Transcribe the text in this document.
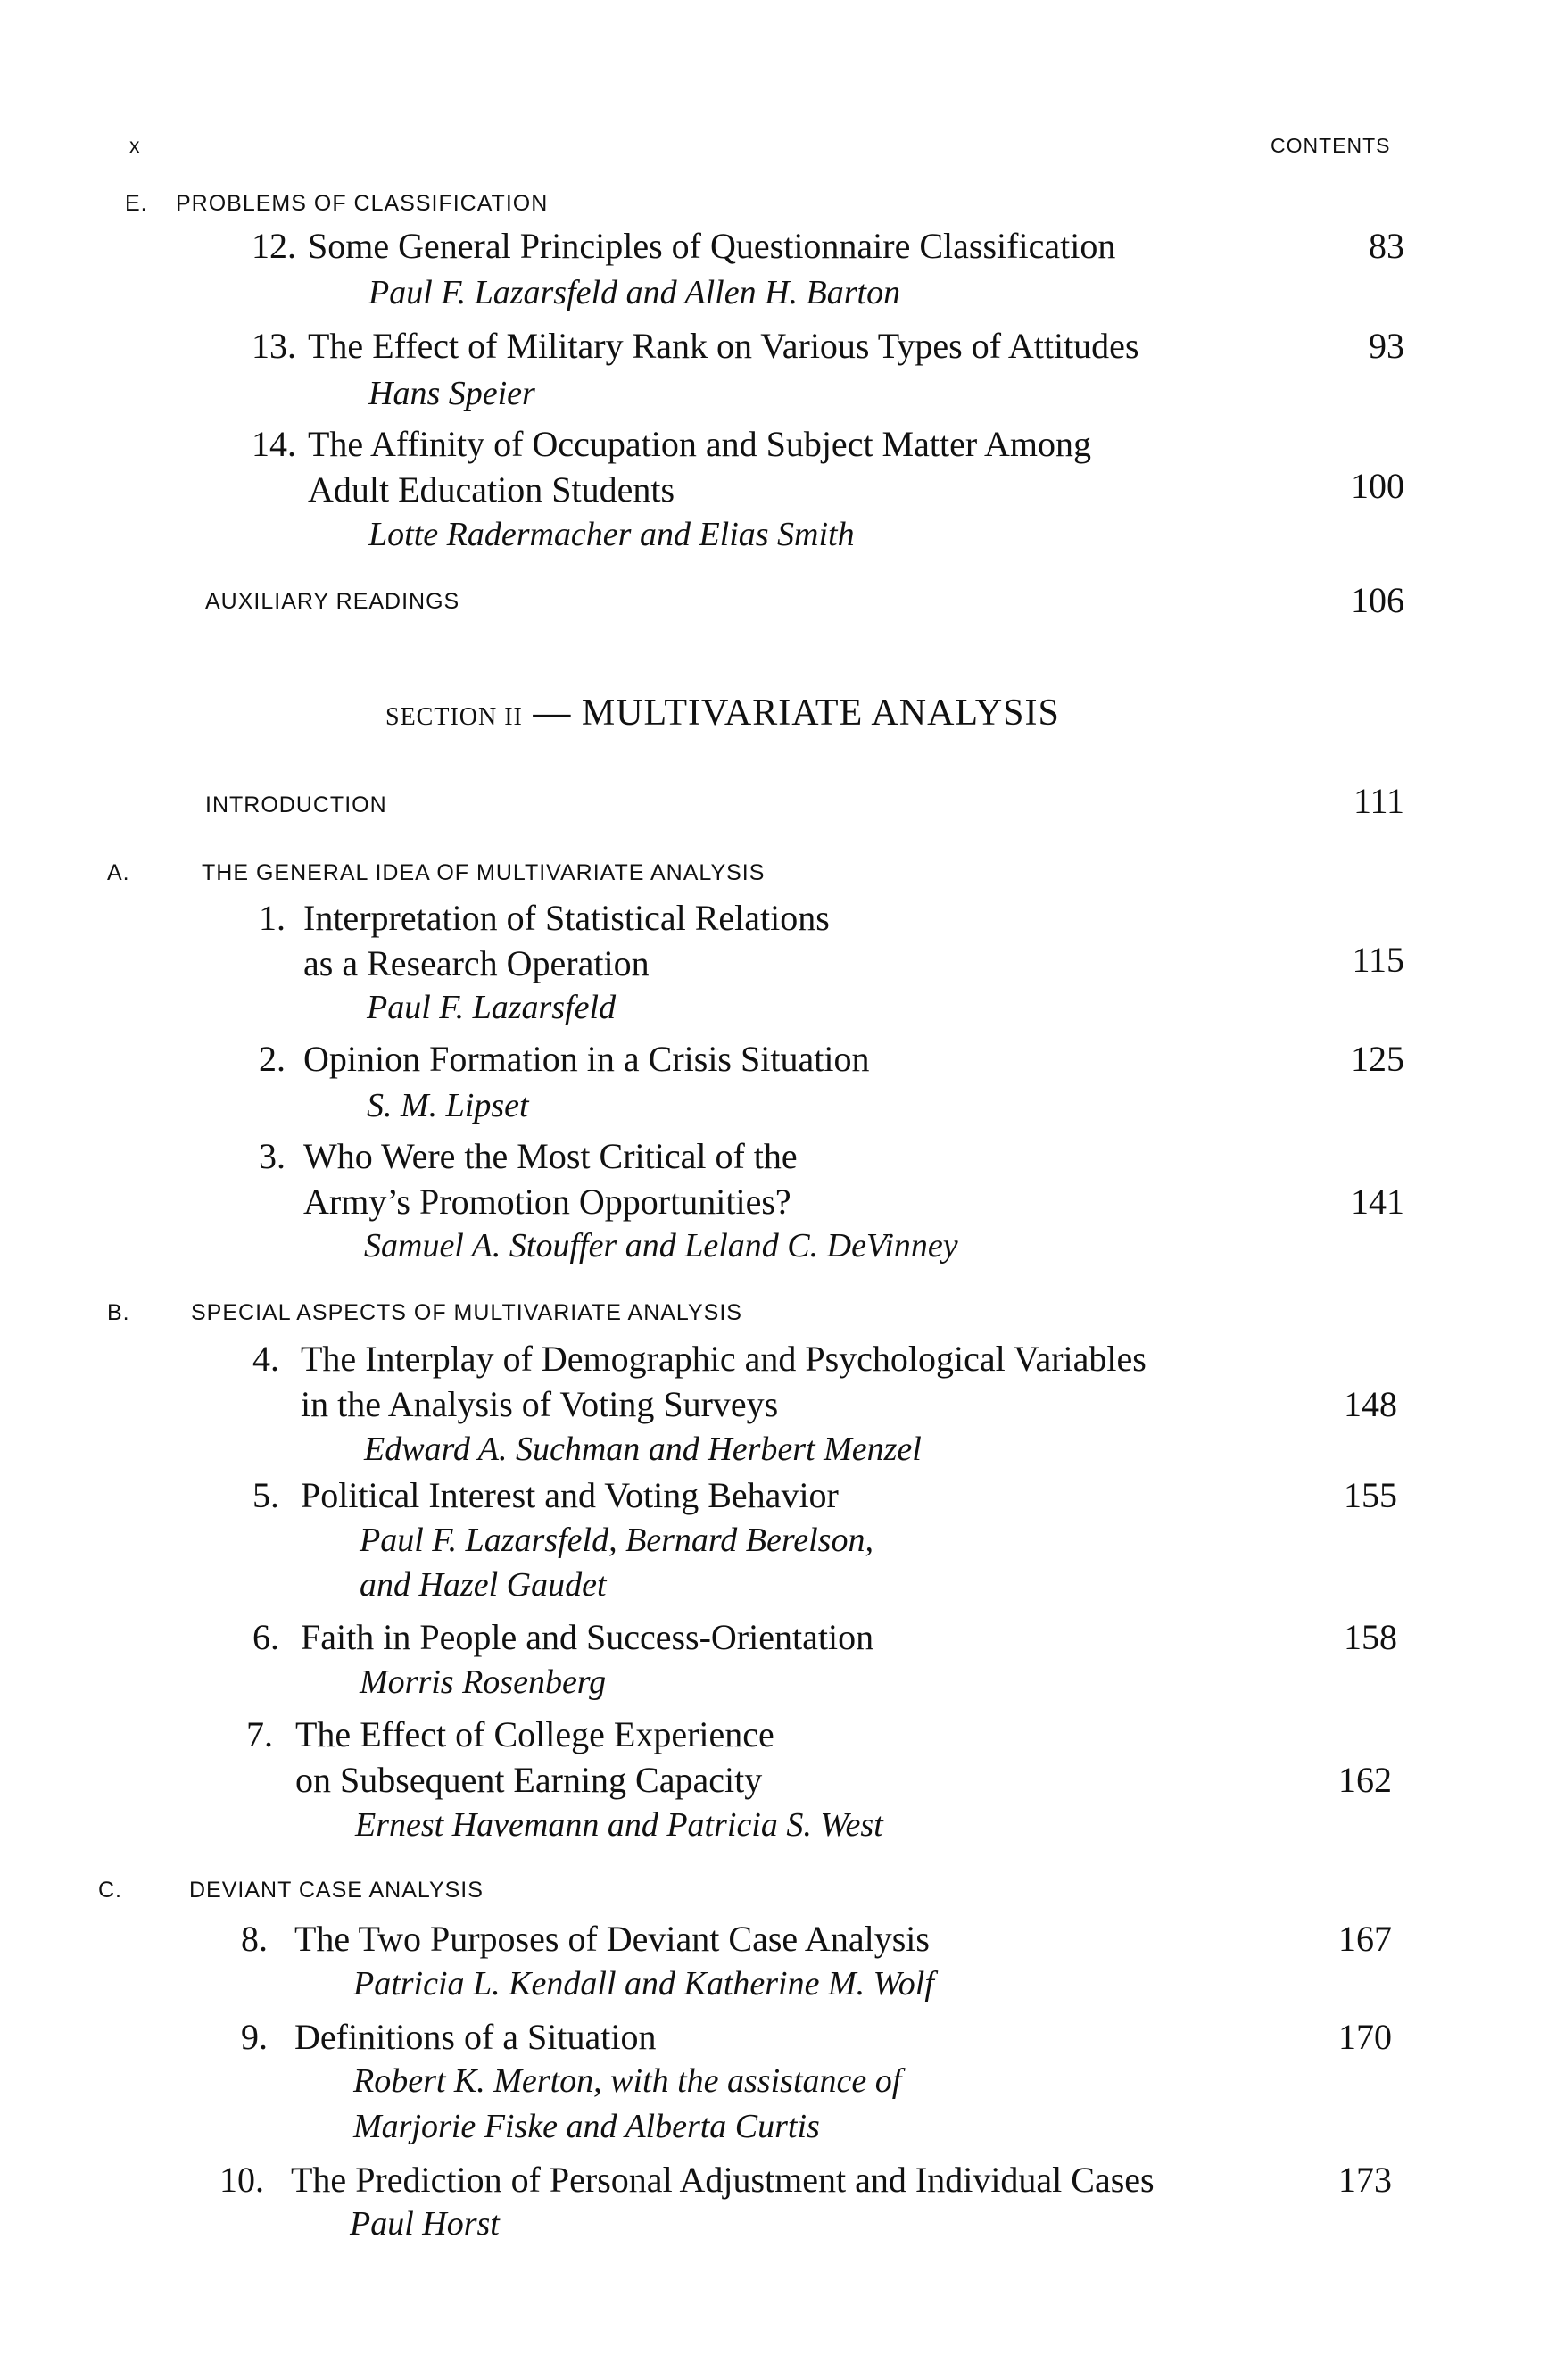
x	CONTENTS
E. PROBLEMS OF CLASSIFICATION
12. Some General Principles of Questionnaire Classification	83
Paul F. Lazarsfeld and Allen H. Barton
13. The Effect of Military Rank on Various Types of Attitudes	93
Hans Speier
14. The Affinity of Occupation and Subject Matter Among
Adult Education Students	100
Lotte Radermacher and Elias Smith
AUXILIARY READINGS	106
SECTION II — MULTIVARIATE ANALYSIS
INTRODUCTION	111
A.	THE GENERAL IDEA OF MULTIVARIATE ANALYSIS
1. Interpretation of Statistical Relations
as a Research Operation	115
Paul F. Lazarsfeld
2. Opinion Formation in a Crisis Situation	125
S. M. Lipset
3. Who Were the Most Critical of the
Army’s Promotion Opportunities?	141
Samuel A. Stouffer and Leland C. DeVinney
B.	SPECIAL ASPECTS OF MULTIVARIATE ANALYSIS
4. The Interplay of Demographic and Psychological Variables
in the Analysis of Voting Surveys	148
Edward A. Suchman and Herbert Menzel
5. Political Interest and Voting Behavior	155
Paul F. Lazarsfeld, Bernard Berelson,
and Hazel Gaudet
6. Faith in People and Success-Orientation	158
Morris Rosenberg
7. The Effect of College Experience
on Subsequent Earning Capacity	162
Ernest Havemann and Patricia S. West
C.	DEVIANT CASE ANALYSIS
8. The Two Purposes of Deviant Case Analysis	167
Patricia L. Kendall and Katherine M. Wolf
9. Definitions of a Situation	170
Robert K. Merton, with the assistance of
Marjorie Fiske and Alberta Curtis
10. The Prediction of Personal Adjustment and Individual Cases	173
Paul Horst
